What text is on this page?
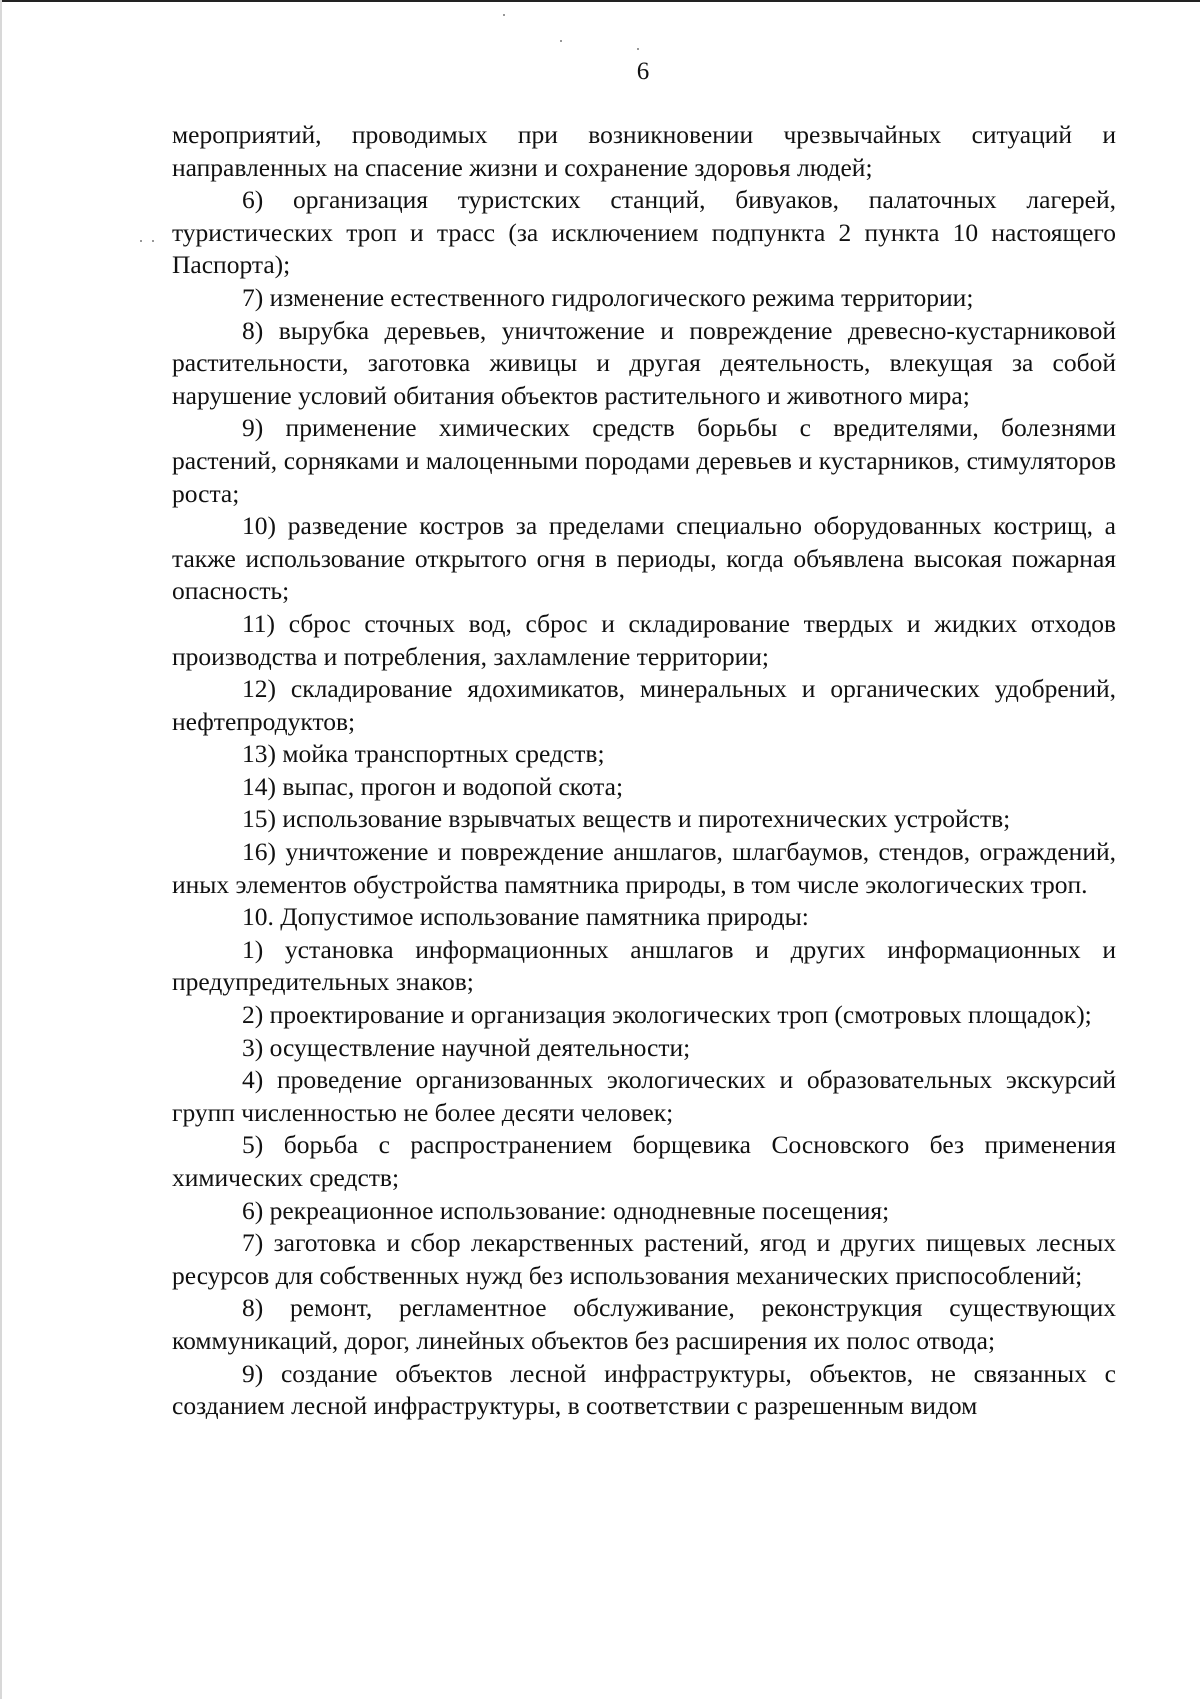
6

мероприятий, проводимых при возникновении чрезвычайных ситуаций и направленных на спасение жизни и сохранение здоровья людей;

6) организация туристских станций, бивуаков, палаточных лагерей, туристических троп и трасс (за исключением подпункта 2 пункта 10 настоящего Паспорта);

7) изменение естественного гидрологического режима территории;

8) вырубка деревьев, уничтожение и повреждение древесно-кустарниковой растительности, заготовка живицы и другая деятельность, влекущая за собой нарушение условий обитания объектов растительного и животного мира;

9) применение химических средств борьбы с вредителями, болезнями растений, сорняками и малоценными породами деревьев и кустарников, стимуляторов роста;

10) разведение костров за пределами специально оборудованных кострищ, а также использование открытого огня в периоды, когда объявлена высокая пожарная опасность;

11) сброс сточных вод, сброс и складирование твердых и жидких отходов производства и потребления, захламление территории;

12) складирование ядохимикатов, минеральных и органических удобрений, нефтепродуктов;

13) мойка транспортных средств;

14) выпас, прогон и водопой скота;

15) использование взрывчатых веществ и пиротехнических устройств;

16) уничтожение и повреждение аншлагов, шлагбаумов, стендов, ограждений, иных элементов обустройства памятника природы, в том числе экологических троп.

10. Допустимое использование памятника природы:

1) установка информационных аншлагов и других информационных и предупредительных знаков;

2) проектирование и организация экологических троп (смотровых площадок);

3) осуществление научной деятельности;

4) проведение организованных экологических и образовательных экскурсий групп численностью не более десяти человек;

5) борьба с распространением борщевика Сосновского без применения химических средств;

6) рекреационное использование: однодневные посещения;

7) заготовка и сбор лекарственных растений, ягод и других пищевых лесных ресурсов для собственных нужд без использования механических приспособлений;

8) ремонт, регламентное обслуживание, реконструкция существующих коммуникаций, дорог, линейных объектов без расширения их полос отвода;

9) создание объектов лесной инфраструктуры, объектов, не связанных с созданием лесной инфраструктуры, в соответствии с разрешенным видом
